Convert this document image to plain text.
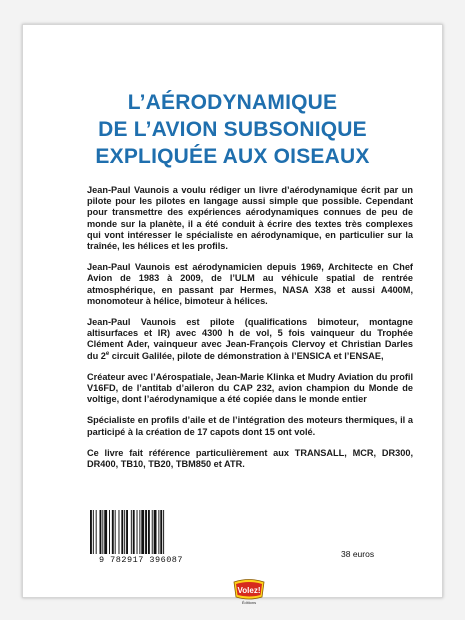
L’AÉRODYNAMIQUE
DE L’AVION SUBSONIQUE
EXPLIQUÉE AUX OISEAUX

Jean-Paul Vaunois a voulu rédiger un livre d’aérodynamique écrit par un pilote pour les pilotes en langage aussi simple que possible. Cependant pour transmettre des expériences aérodynamiques connues de peu de monde sur la planète, il a été conduit à écrire des textes très complexes qui vont intéresser le spécialiste en aérodynamique, en particulier sur la traînée, les hélices et les profils.

Jean-Paul Vaunois est aérodynamicien depuis 1969, Architecte en Chef Avion de 1983 à 2009, de l’ULM au véhicule spatial de rentrée atmosphérique, en passant par Hermes, NASA X38 et aussi A400M, monomoteur à hélice, bimoteur à hélices.

Jean-Paul Vaunois est pilote (qualifications bimoteur, montagne altisurfaces et IR) avec 4300 h de vol, 5 fois vainqueur du Trophée Clément Ader, vainqueur avec Jean-François Clervoy et Christian Darles du 2e circuit Galilée, pilote de démonstration à l’ENSICA et l’ENSAE,

Créateur avec l’Aérospatiale, Jean-Marie Klinka et Mudry Aviation du profil V16FD, de l’antitab d’aileron du CAP 232, avion champion du Monde de voltige, dont l’aérodynamique a été copiée dans le monde entier

Spécialiste en profils d’aile et de l’intégration des moteurs thermiques, il a participé à la création de 17 capots dont 15 ont volé.

Ce livre fait référence particulièrement aux TRANSALL, MCR, DR300, DR400, TB10, TB20, TBM850 et ATR.

9 782917 396087
38 euros
Volez!
Éditions
